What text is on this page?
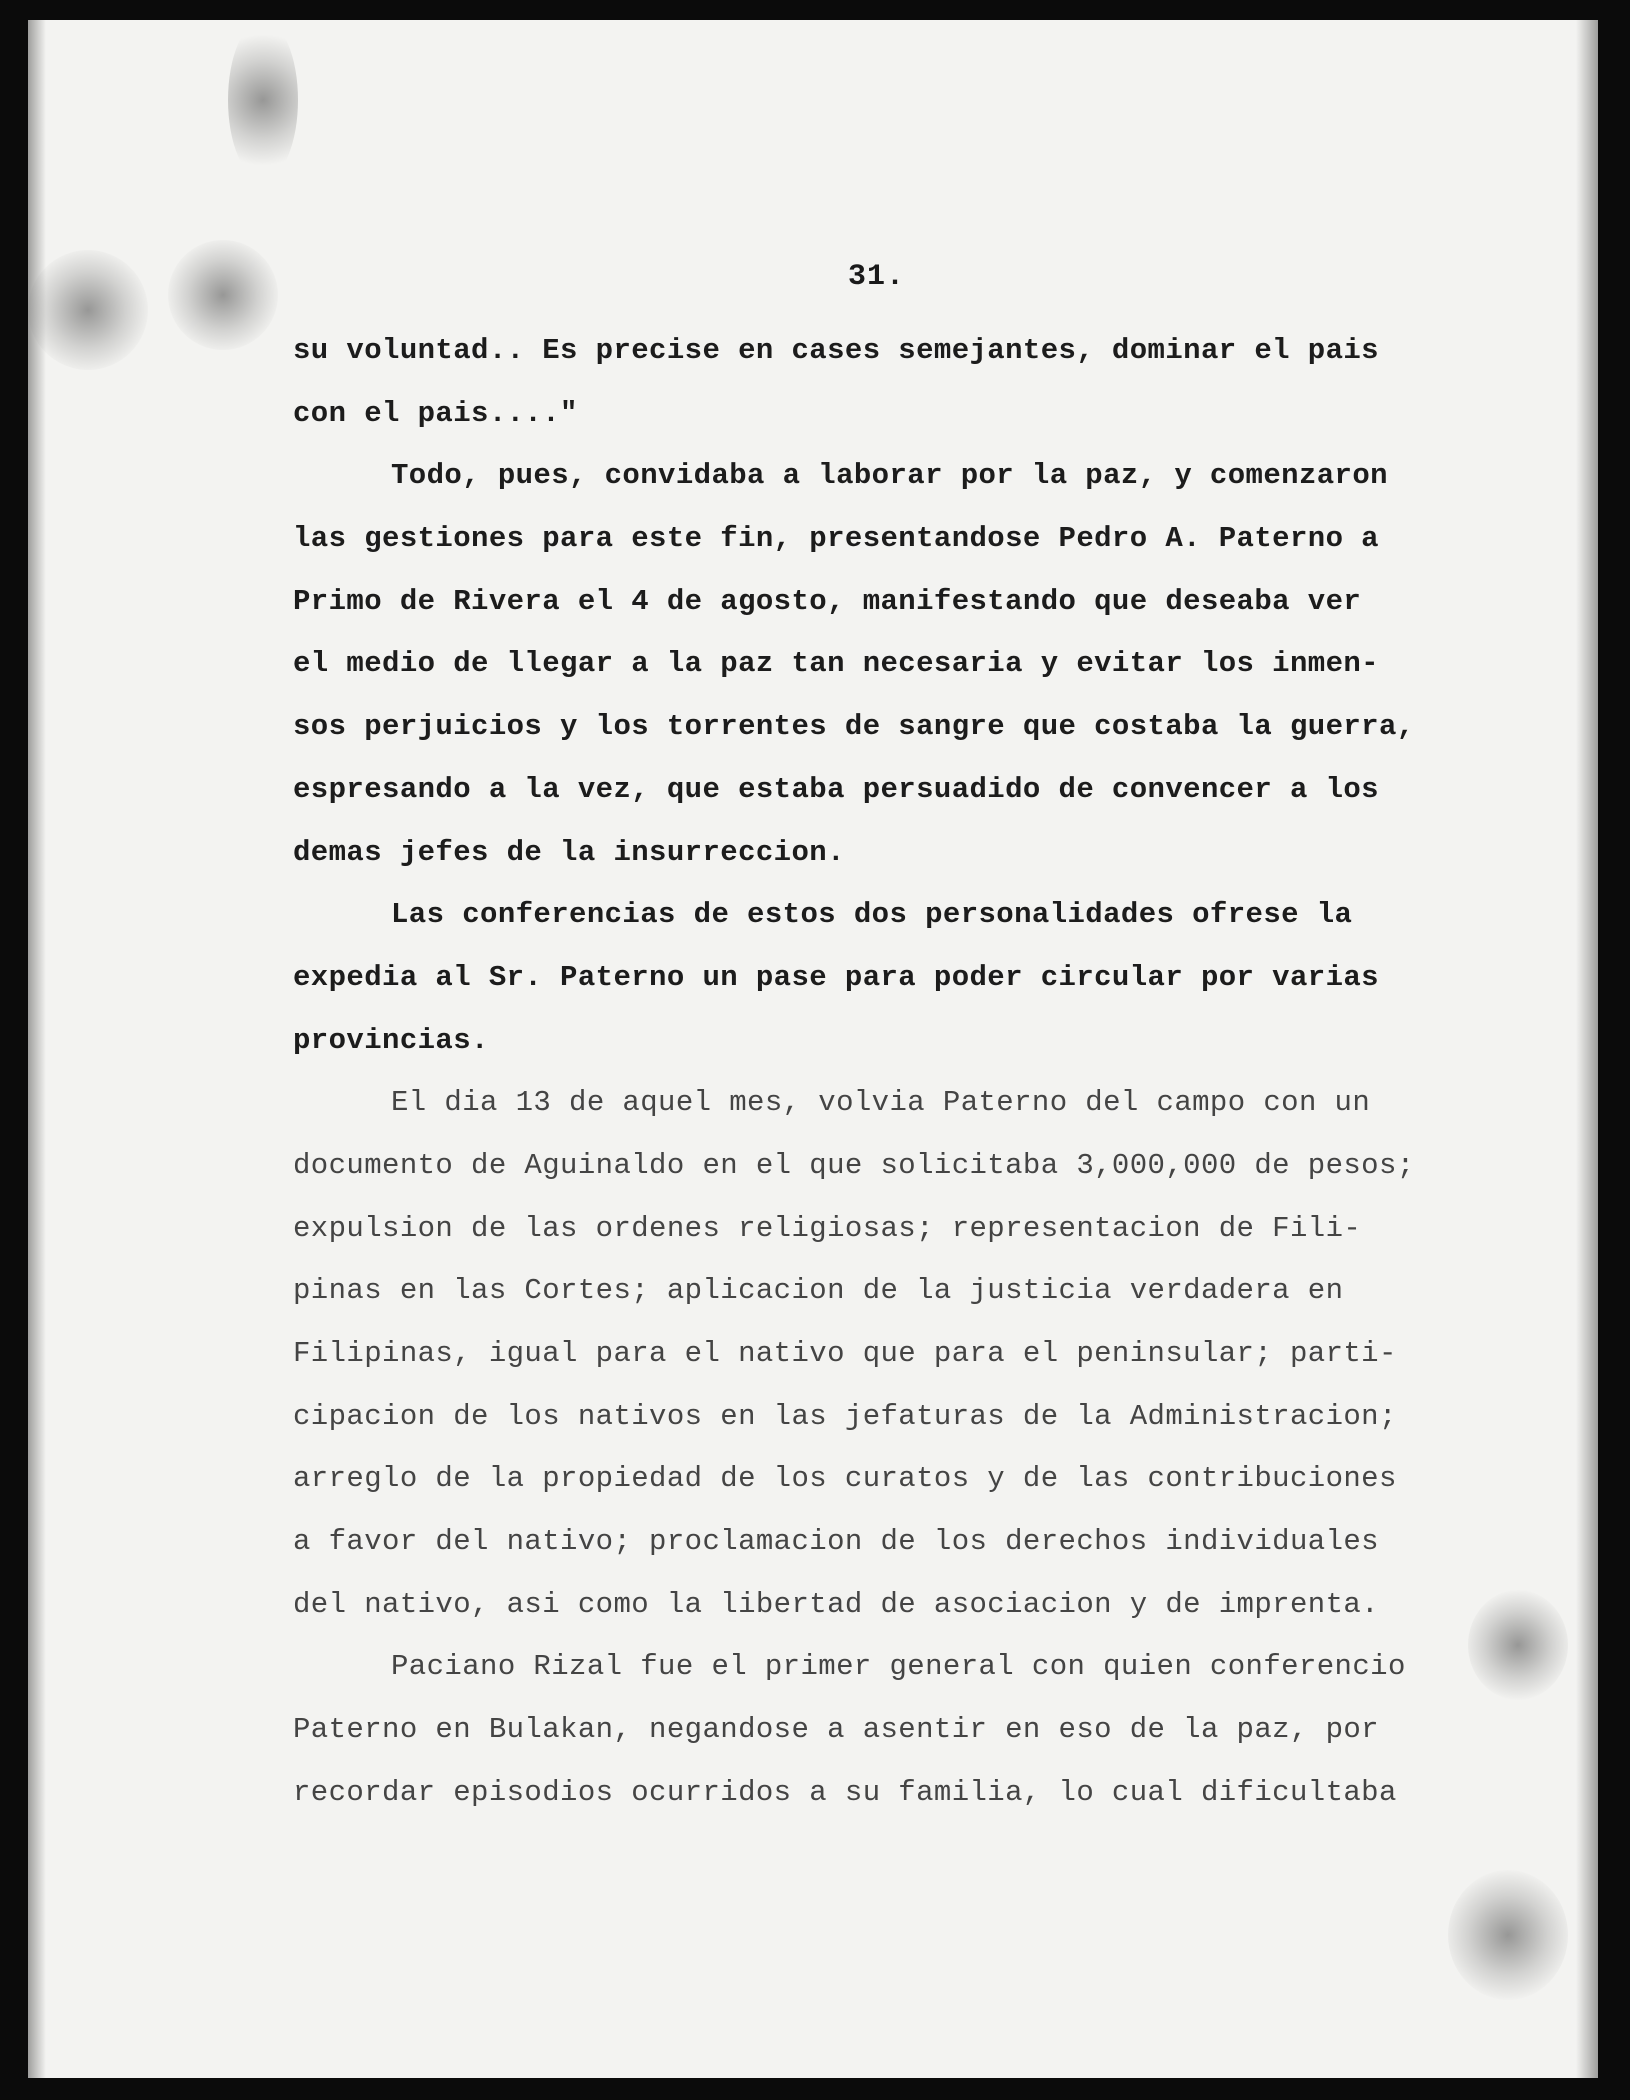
31.
su voluntad.. Es precise en cases semejantes, dominar el pais
con el pais...."
Todo, pues, convidaba a laborar por la paz, y comenzaron
las gestiones para este fin, presentandose Pedro A. Paterno a
Primo de Rivera el 4 de agosto, manifestando que deseaba ver
el medio de llegar a la paz tan necesaria y evitar los inmen-
sos perjuicios y los torrentes de sangre que costaba la guerra,
espresando a la vez, que estaba persuadido de convencer a los
demas jefes de la insurreccion.
Las conferencias de estos dos personalidades ofrese la
expedia al Sr. Paterno un pase para poder circular por varias
provincias.
El dia 13 de aquel mes, volvia Paterno del campo con un
documento de Aguinaldo en el que solicitaba 3,000,000 de pesos;
expulsion de las ordenes religiosas; representacion de Fili-
pinas en las Cortes; aplicacion de la justicia verdadera en
Filipinas, igual para el nativo que para el peninsular; parti-
cipacion de los nativos en las jefaturas de la Administracion;
arreglo de la propiedad de los curatos y de las contribuciones
a favor del nativo; proclamacion de los derechos individuales
del nativo, asi como la libertad de asociacion y de imprenta.
Paciano Rizal fue el primer general con quien conferencio
Paterno en Bulakan, negandose a asentir en eso de la paz, por
recordar episodios ocurridos a su familia, lo cual dificultaba
